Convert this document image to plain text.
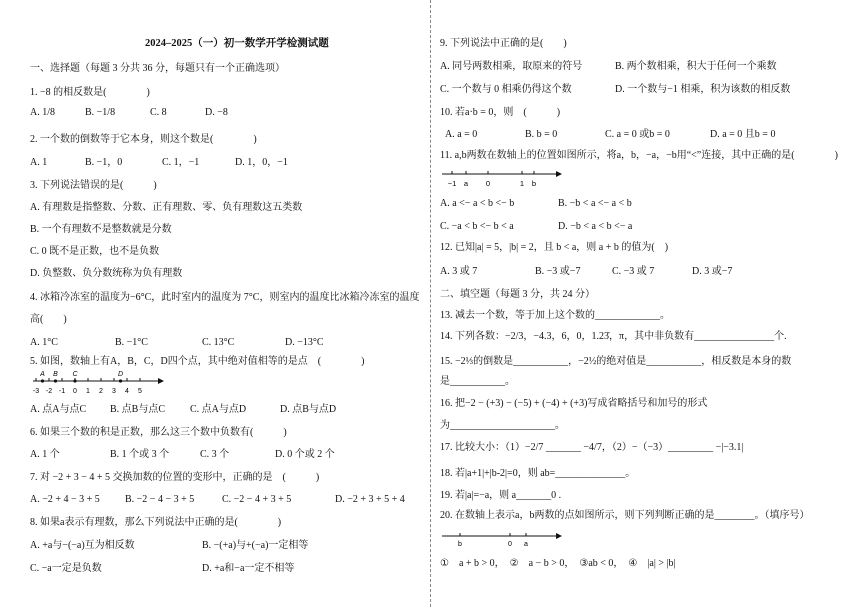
2024–2025（一）初一数学开学检测试题
一、选择题（每题 3 分共 36 分，每题只有一个正确选项）
1. −8 的相反数是(　　　　)
A. 1/8	B. −1/8	C. 8	D. −8
2. 一个数的倒数等于它本身，则这个数是(　　　　)
A. 1	B. −1，0	C. 1，−1	D. 1，0，−1
3. 下列说法错误的是(　　　)
A. 有理数是指整数、分数、正有理数、零、负有理数这五类数
B. 一个有理数不是整数就是分数
C. 0 既不是正数，也不是负数
D. 负整数、负分数统称为负有理数
4. 冰箱冷冻室的温度为−6°C，此时室内的温度为 7°C，则室内的温度比冰箱冷冻室的温度
高(　　)
A. 1°C	B. −1°C	C. 13°C	D. −13°C
5. 如图，数轴上有A，B，C，D四个点，其中绝对值相等的是点　(　　　　)
-3 -2 -1 0 1 2 3 4 5
A B C	D
A. 点A与点C B. 点B与点C C. 点A与点D	D. 点B与点D
6. 如果三个数的积是正数，那么这三个数中负数有(　　　)
A. 1 个	B. 1 个或 3 个	C. 3 个	D. 0 个或 2 个
7. 对 −2 + 3 − 4 + 5 交换加数的位置的变形中，正确的是　(　　　)
A. −2 + 4 − 3 + 5	B. −2 − 4 − 3 + 5	C. −2 − 4 + 3 + 5	D. −2 + 3 + 5 + 4
8. 如果a表示有理数，那么下列说法中正确的是(　　　　)
A. +a与−(−a)互为相反数	B. −(+a)与+(−a)一定相等
C. −a一定是负数	D. +a和−a一定不相等
9. 下列说法中正确的是(　　)
A. 同号两数相乘，取原来的符号	B. 两个数相乘，积大于任何一个乘数
C. 一个数与 0 相乘仍得这个数	D. 一个数与−1 相乘，积为该数的相反数
10. 若a·b = 0，则　(　　　)
A. a = 0	B. b = 0	C. a = 0 或b = 0	D. a = 0 且b = 0
11. a,b两数在数轴上的位置如图所示，将a，b，−a，−b用“<”连接，其中正确的是(　　　　)
−1 a 0	1 b
A. a <− a < b <− b	B. −b < a <− a < b
C. −a < b <− b < a	D. −b < a < b <− a
12. 已知|a| = 5，|b| = 2，且 b < a，则 a + b 的值为(　)
A. 3 或 7	B. −3 或−7	C. −3 或 7	D. 3 或−7
二、填空题（每题 3 分，共 24 分）
13. 减去一个数，等于加上这个数的_____________。
14. 下列各数：−2/3，−4.3，6，0，1.23̇，π，其中非负数有________________个.
15. −2⅓的倒数是___________，−2½的绝对值是___________，相反数是本身的数
是___________。
16. 把−2 − (+3) − (−5) + (−4) + (+3)写成省略括号和加号的形式
为_____________________。
17. 比较大小：（1）−2/7 _______ −4/7，（2）−（−3）_________ −|−3.1|
18. 若|a+1|+|b-2|=0，则 ab=______________。
19. 若|a|=−a，则 a_______0 .
20. 在数轴上表示a，b两数的点如图所示，则下列判断正确的是________。（填序号）
b	0 a
①　a + b > 0，　②　a − b > 0，　③ab < 0，　④　|a| > |b|
